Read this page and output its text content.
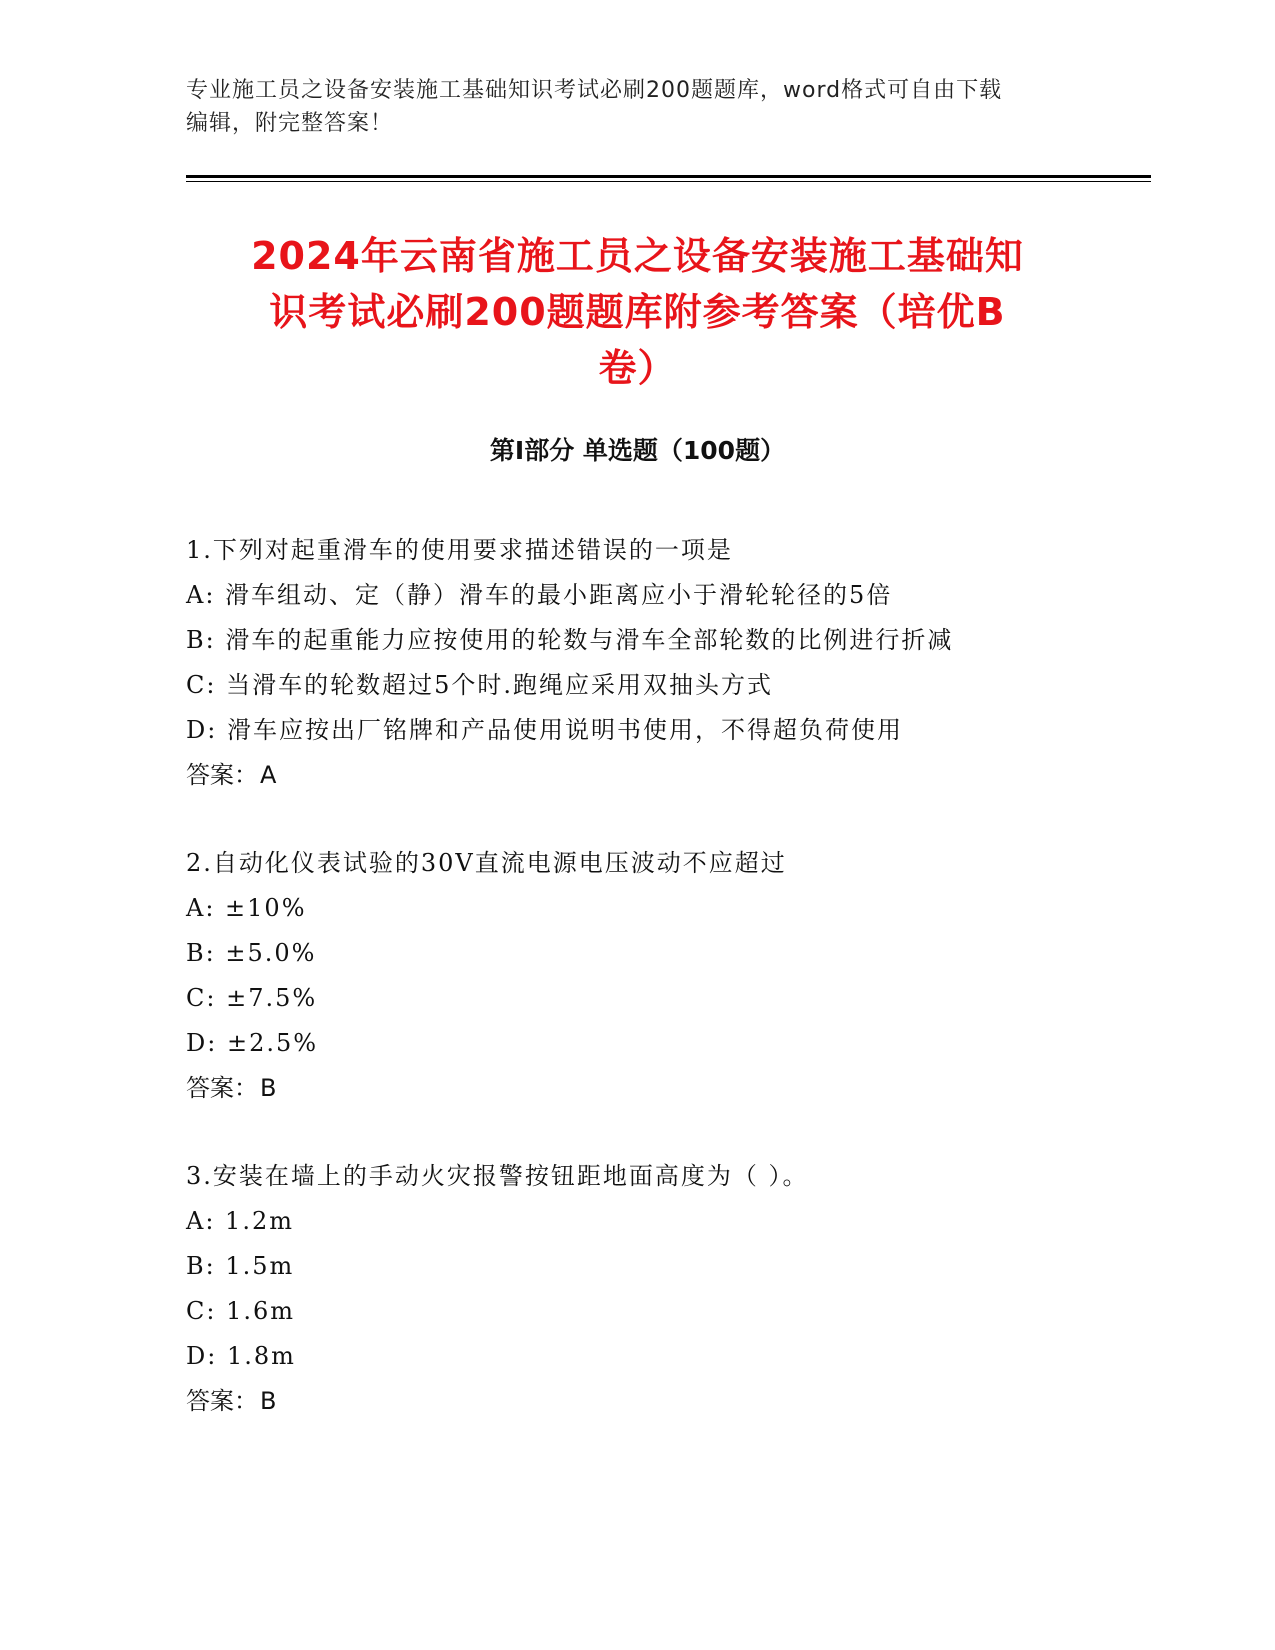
专业施工员之设备安装施工基础知识考试必刷200题题库，word格式可自由下载
编辑，附完整答案！
2024年云南省施工员之设备安装施工基础知
识考试必刷200题题库附参考答案（培优B
卷）
第Ⅰ部分 单选题（100题）
1.下列对起重滑车的使用要求描述错误的一项是
A: 滑车组动、定（静）滑车的最小距离应小于滑轮轮径的5倍
B: 滑车的起重能力应按使用的轮数与滑车全部轮数的比例进行折减
C: 当滑车的轮数超过5个时.跑绳应采用双抽头方式
D: 滑车应按出厂铭牌和产品使用说明书使用，不得超负荷使用
答案：A
2.自动化仪表试验的30V直流电源电压波动不应超过
A: ±10%
B: ±5.0%
C: ±7.5%
D: ±2.5%
答案：B
3.安装在墙上的手动火灾报警按钮距地面高度为（ ）。
A: 1.2m
B: 1.5m
C: 1.6m
D: 1.8m
答案：B
